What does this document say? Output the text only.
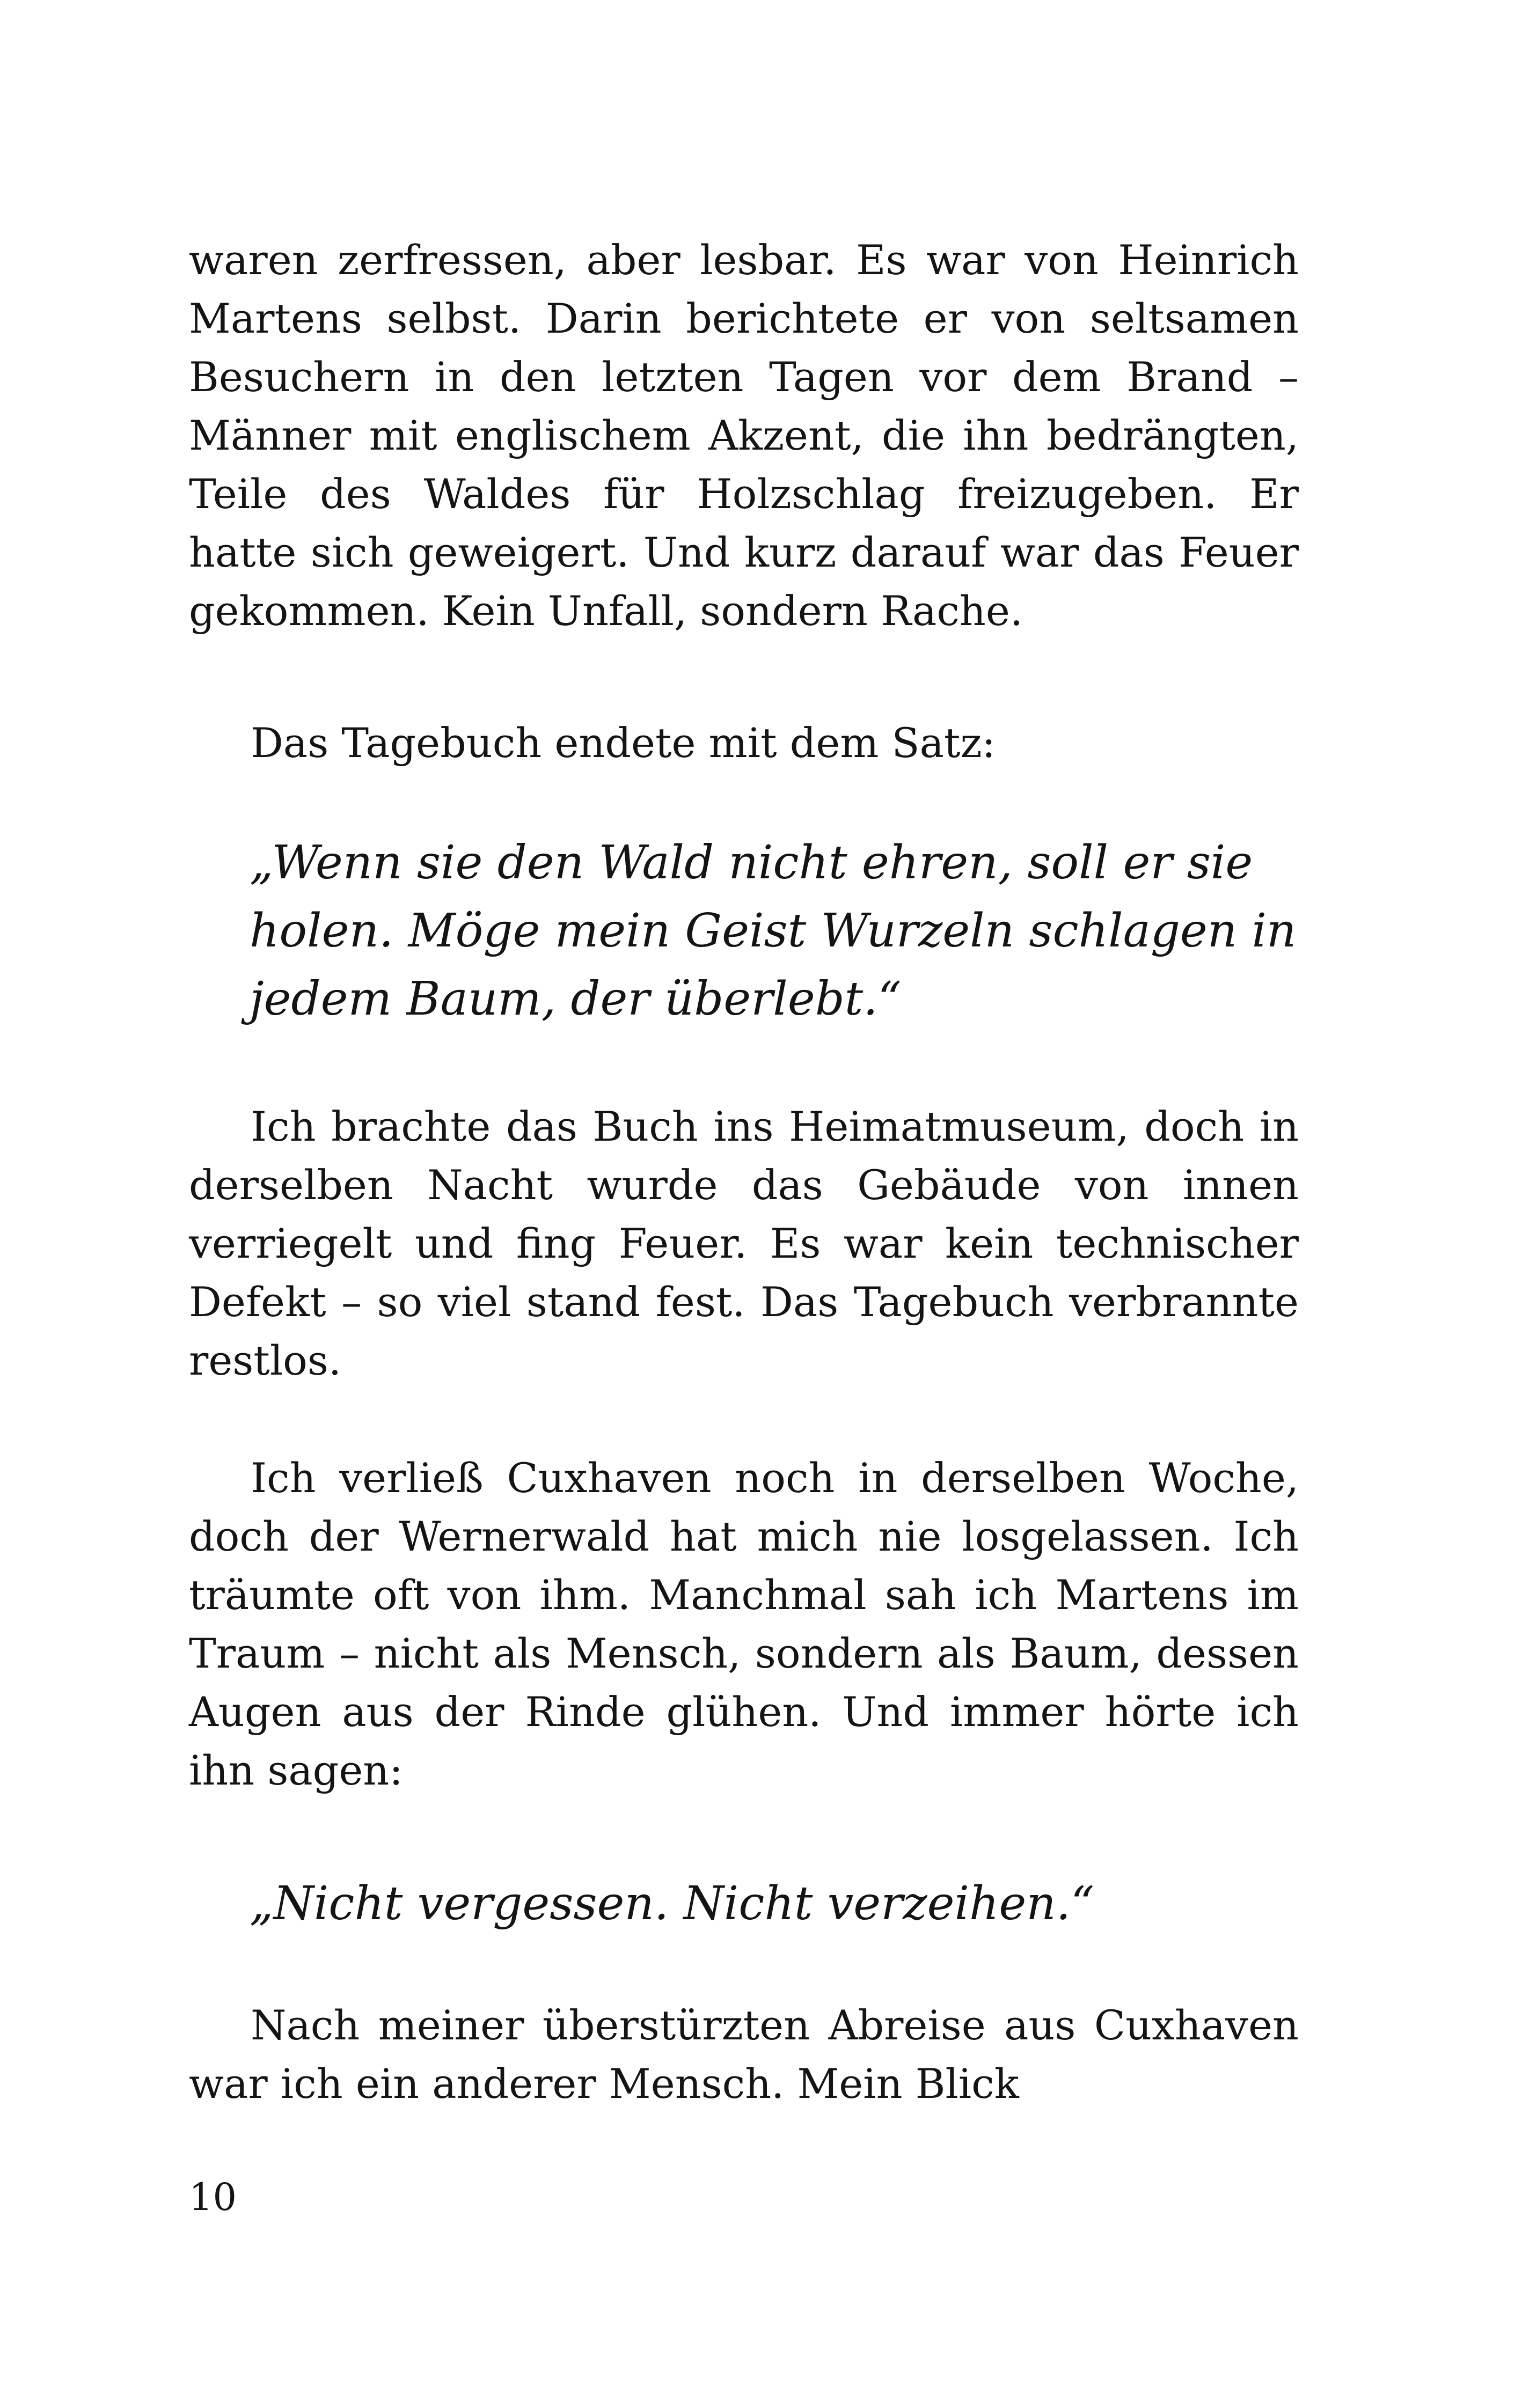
waren zerfressen, aber lesbar. Es war von Heinrich Martens selbst. Darin berichtete er von seltsamen Besuchern in den letzten Tagen vor dem Brand – Männer mit englischem Akzent, die ihn bedrängten, Teile des Waldes für Holzschlag freizugeben. Er hatte sich geweigert. Und kurz darauf war das Feuer gekommen. Kein Unfall, sondern Rache.

Das Tagebuch endete mit dem Satz:

„Wenn sie den Wald nicht ehren, soll er sie holen. Möge mein Geist Wurzeln schlagen in jedem Baum, der überlebt.“

Ich brachte das Buch ins Heimatmuseum, doch in derselben Nacht wurde das Gebäude von innen verriegelt und fing Feuer. Es war kein technischer Defekt – so viel stand fest. Das Tagebuch verbrannte restlos.

Ich verließ Cuxhaven noch in derselben Woche, doch der Wernerwald hat mich nie losgelassen. Ich träumte oft von ihm. Manchmal sah ich Martens im Traum – nicht als Mensch, sondern als Baum, dessen Augen aus der Rinde glühen. Und immer hörte ich ihn sagen:

„Nicht vergessen. Nicht verzeihen.“

Nach meiner überstürzten Abreise aus Cuxhaven war ich ein anderer Mensch. Mein Blick

10
